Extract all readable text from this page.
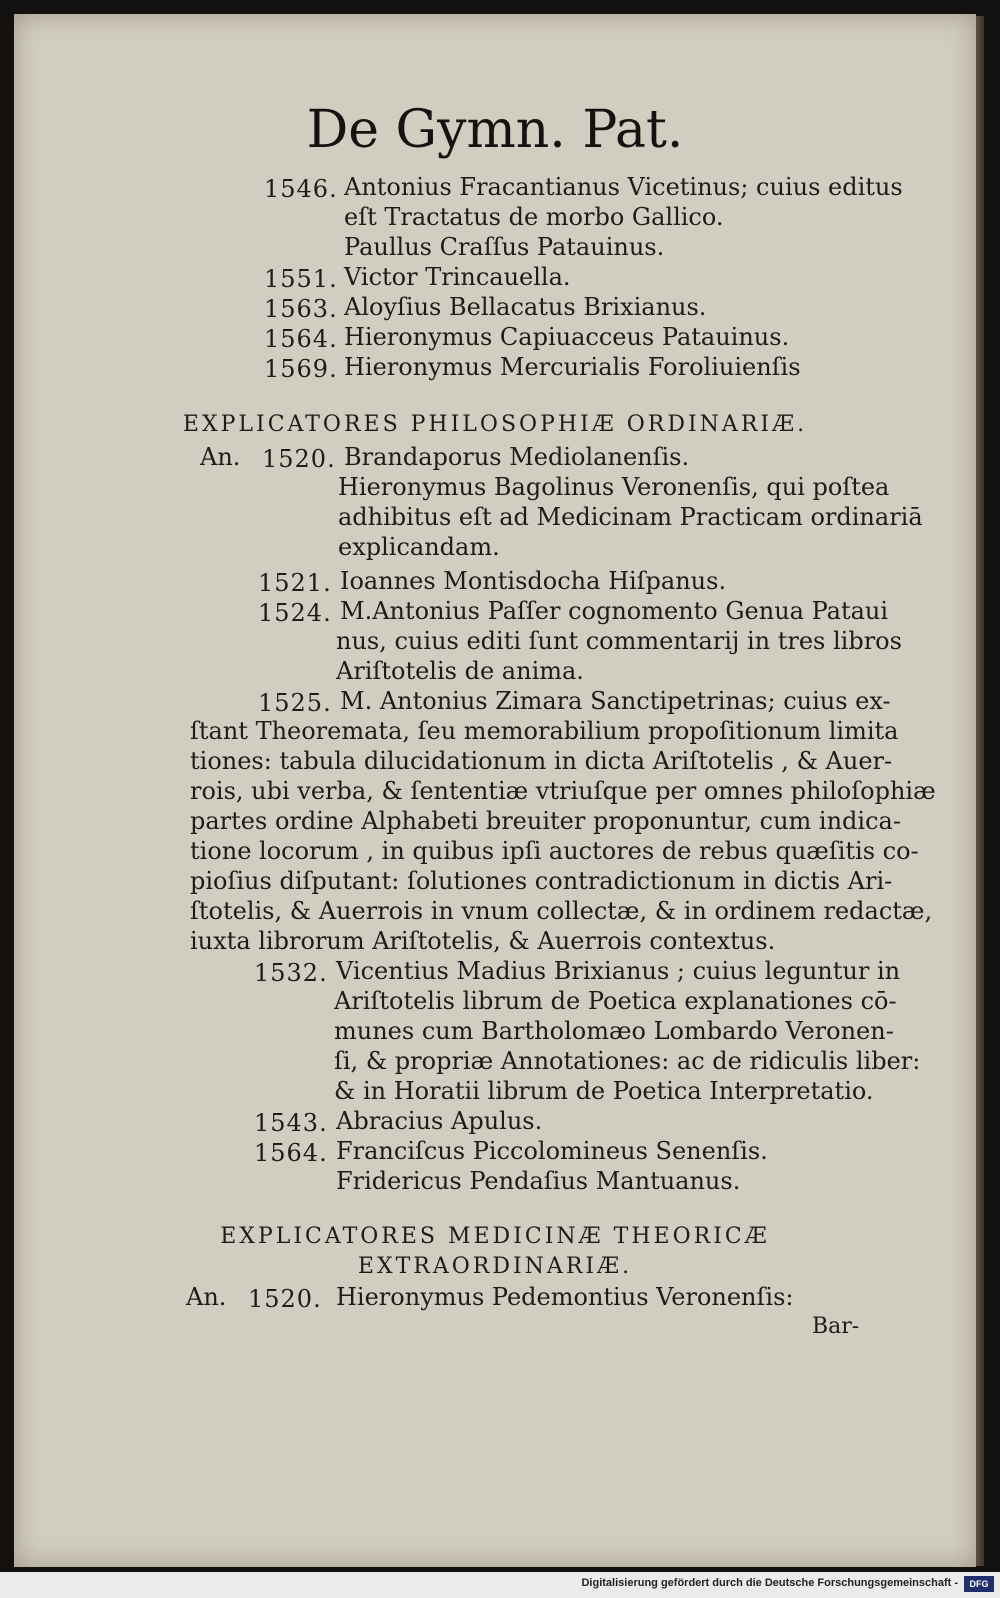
De Gymn. Pat.
1546. Antonius Fracantianus Vicetinus; cuius editus
eſt Tractatus de morbo Gallico.
Paullus Craſſus Patauinus.
1551. Victor Trincauella.
1563. Aloyſius Bellacatus Brixianus.
1564. Hieronymus Capiuacceus Patauinus.
1569. Hieronymus Mercurialis Foroliuienſis
EXPLICATORES PHILOSOPHIÆ ORDINARIÆ.
An. 1520. Brandaporus Mediolanenſis.
Hieronymus Bagolinus Veronenſis, qui poſtea
adhibitus eſt ad Medicinam Practicam ordinariā
explicandam.
1521. Ioannes Montisdocha Hiſpanus.
1524. M.Antonius Paſſer cognomento Genua Pataui
nus, cuius editi ſunt commentarij in tres libros
Ariſtotelis de anima.
1525. M. Antonius Zimara Sanctipetrinas; cuius ex-
ſtant Theoremata, ſeu memorabilium propoſitionum limita
tiones: tabula dilucidationum in dicta Ariſtotelis , & Auer-
rois, ubi verba, & ſententiæ vtriuſque per omnes philoſophiæ
partes ordine Alphabeti breuiter proponuntur, cum indica-
tione locorum , in quibus ipſi auctores de rebus quæſitis co-
pioſius diſputant: ſolutiones contradictionum in dictis Ari-
ſtotelis, & Auerrois in vnum collectæ, & in ordinem redactæ,
iuxta librorum Ariſtotelis, & Auerrois contextus.
1532. Vicentius Madius Brixianus ; cuius leguntur in
Ariſtotelis librum de Poetica explanationes cō-
munes cum Bartholomæo Lombardo Veronen-
ſi, & propriæ Annotationes: ac de ridiculis liber:
& in Horatii librum de Poetica Interpretatio.
1543. Abracius Apulus.
1564. Franciſcus Piccolomineus Senenſis.
Fridericus Pendaſius Mantuanus.
EXPLICATORES MEDICINÆ THEORICÆ
EXTRAORDINARIÆ.
An. 1520. Hieronymus Pedemontius Veronenſis:
Bar-
Digitalisierung gefördert durch die Deutsche Forschungsgemeinschaft -	DFG
